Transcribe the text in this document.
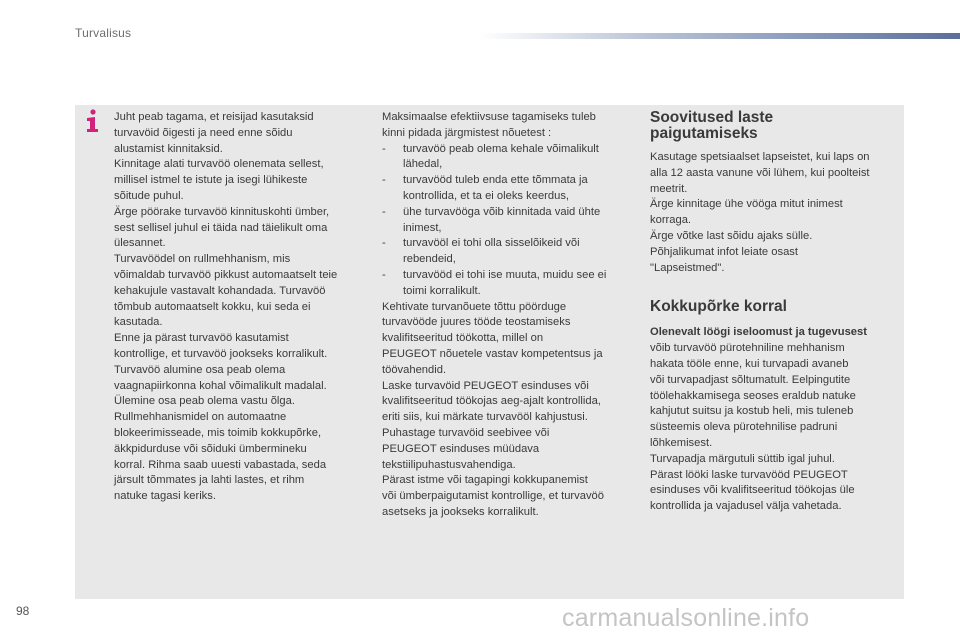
Turvalisus

Juht peab tagama, et reisijad kasutaksid

turvavöid õigesti ja need enne sõidu

alustamist kinnitaksid.

Kinnitage alati turvavöö olenemata sellest,

millisel istmel te istute ja isegi lühikeste

sõitude puhul.

Ärge pöörake turvavöö kinnituskohti ümber,

sest sellisel juhul ei täida nad täielikult oma

ülesannet.

Turvavöödel on rullmehhanism, mis

võimaldab turvavöö pikkust automaatselt teie

kehakujule vastavalt kohandada. Turvavöö

tõmbub automaatselt kokku, kui seda ei

kasutada.

Enne ja pärast turvavöö kasutamist

kontrollige, et turvavöö jookseks korralikult.

Turvavöö alumine osa peab olema

vaagnapiirkonna kohal võimalikult madalal.

Ülemine osa peab olema vastu õlga.

Rullmehhanismidel on automaatne

blokeerimisseade, mis toimib kokkupõrke,

äkkpidurduse või sõiduki ümbermineku

korral. Rihma saab uuesti vabastada, seda

järsult tõmmates ja lahti lastes, et rihm

natuke tagasi keriks.

Maksimaalse efektiivsuse tagamiseks tuleb

kinni pidada järgmistest nõuetest :

- turvavöö peab olema kehale võimalikult lähedal,
- turvavööd tuleb enda ette tõmmata ja kontrollida, et ta ei oleks keerdus,
- ühe turvavööga võib kinnitada vaid ühte inimest,
- turvavööl ei tohi olla sisselõikeid või rebendeid,
- turvavööd ei tohi ise muuta, muidu see ei toimi korralikult.

Kehtivate turvanõuete tõttu pöörduge

turvavööde juures tööde teostamiseks

kvalifitseeritud töökotta, millel on

PEUGEOT nõuetele vastav kompetentsus ja

töövahendid.

Laske turvavöid PEUGEOT esinduses või

kvalifitseeritud töökojas aeg-ajalt kontrollida,

eriti siis, kui märkate turvavööl kahjustusi.

Puhastage turvavöid seebivee või

PEUGEOT esinduses müüdava

tekstiilipuhastusvahendiga.

Pärast istme või tagapingi kokkupanemist

või ümberpaigutamist kontrollige, et turvavöö

asetseks ja jookseks korralikult.

Soovitused laste paigutamiseks

Kasutage spetsiaalset lapseistet, kui laps on

alla 12 aasta vanune või lühem, kui poolteist

meetrit.

Ärge kinnitage ühe vööga mitut inimest

korraga.

Ärge võtke last sõidu ajaks sülle.

Põhjalikumat infot leiate osast

"Lapseistmed".

Kokkupõrke korral
Olenevalt löögi iseloomust ja tugevusest

võib turvavöö pürotehniline mehhanism

hakata tööle enne, kui turvapadi avaneb

või turvapadjast sõltumatult. Eelpingutite

töölehakkamisega seoses eraldub natuke

kahjutut suitsu ja kostub heli, mis tuleneb

süsteemis oleva pürotehnilise padruni

lõhkemisest.

Turvapadja märgutuli süttib igal juhul.

Pärast lööki laske turvavööd PEUGEOT

esinduses või kvalifitseeritud töökojas üle

kontrollida ja vajadusel välja vahetada.

98	carmanualsonline.info
